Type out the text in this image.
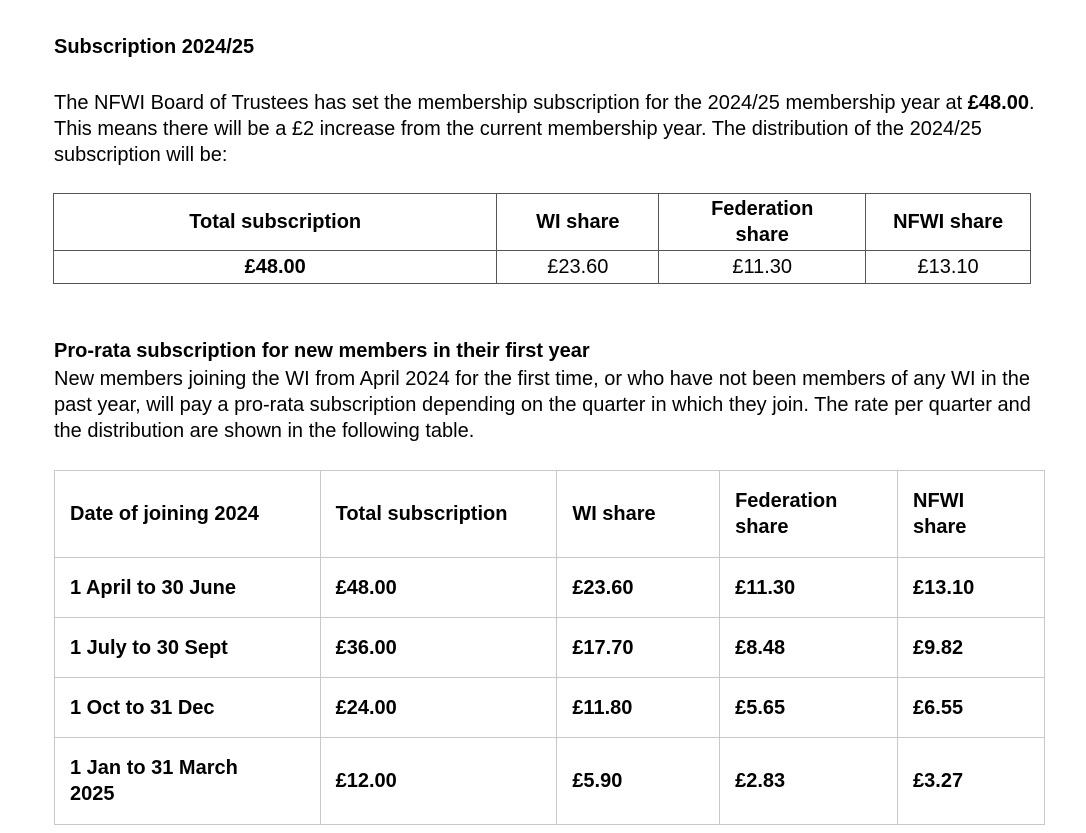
Subscription 2024/25

The NFWI Board of Trustees has set the membership subscription for the 2024/25 membership year at £48.00. This means there will be a £2 increase from the current membership year. The distribution of the 2024/25 subscription will be:

Total subscription	WI share	Federation share	NFWI share
£48.00	£23.60	£11.30	£13.10
Pro-rata subscription for new members in their first year

New members joining the WI from April 2024 for the first time, or who have not been members of any WI in the past year, will pay a pro-rata subscription depending on the quarter in which they join. The rate per quarter and the distribution are shown in the following table.

Date of joining 2024	Total subscription	WI share	Federation share	NFWI share
1 April to 30 June	£48.00	£23.60	£11.30	£13.10
1 July to 30 Sept	£36.00	£17.70	£8.48	£9.82
1 Oct to 31 Dec	£24.00	£11.80	£5.65	£6.55
1 Jan to 31 March 2025	£12.00	£5.90	£2.83	£3.27
